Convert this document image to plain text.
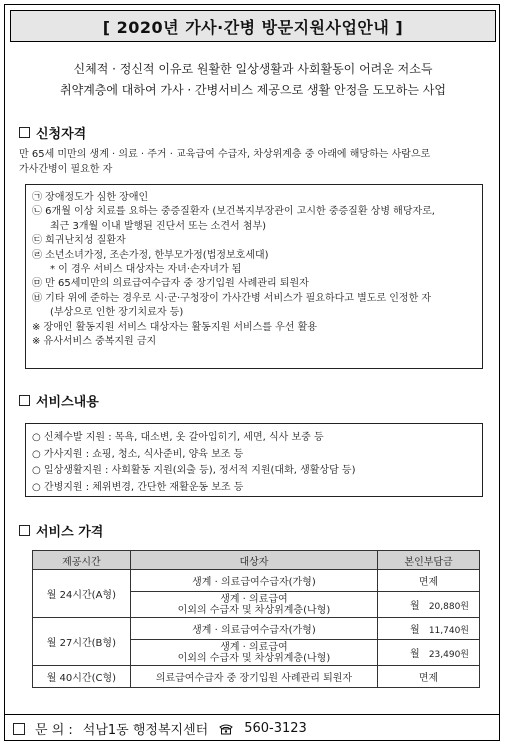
[ 2020년 가사·간병 방문지원사업안내 ]
신체적 · 정신적 이유로 원활한 일상생활과 사회활동이 어려운 저소득
취약계층에 대하여 가사 · 간병서비스 제공으로 생활 안정을 도모하는 사업
신청자격
만 65세 미만의 생계 · 의료 · 주거 · 교육급여 수급자, 차상위계층 중 아래에 해당하는 사람으로
가사간병이 필요한 자
㉠ 장애정도가 심한 장애인
㉡ 6개월 이상 치료를 요하는 중증질환자 (보건복지부장관이 고시한 중증질환 상병 해당자로,
최근 3개월 이내 발행된 진단서 또는 소견서 첨부)
㉢ 희귀난치성 질환자
㉣ 소년소녀가정, 조손가정, 한부모가정(법정보호세대)
* 이 경우 서비스 대상자는 자녀·손자녀가 됨
㉤ 만 65세미만의 의료급여수급자 중 장기입원 사례관리 퇴원자
㉥ 기타 위에 준하는 경우로 시·군·구청장이 가사간병 서비스가 필요하다고 별도로 인정한 자
(부상으로 인한 장기치료자 등)
※ 장애인 활동지원 서비스 대상자는 활동지원 서비스를 우선 활용
※ 유사서비스 중복지원 금지
서비스내용
○ 신체수발 지원 : 목욕, 대소변, 옷 갈아입히기, 세면, 식사 보중 등
○ 가사지원 : 쇼핑, 청소, 식사준비, 양육 보조 등
○ 일상생활지원 : 사회활동 지원(외출 등), 정서적 지원(대화, 생활상담 등)
○ 간병지원 : 체위변경, 간단한 재활운동 보조 등
서비스 가격
제공시간	대상자	본인부담금
월 24시간(A형)	생계 · 의료급여수급자(가형)	면제

	생계 · 의료급여
이외의 수급자 및 차상위계층(나형)	월 20,880원
월 27시간(B형)	생계 · 의료급여수급자(가형)	월 11,740원

	생계 · 의료급여
이외의 수급자 및 차상위계층(나형)	월 23,490원
월 40시간(C형)	의료급여수급자 중 장기입원 사례관리 퇴원자	면제
문 의 : 석남1동 행정복지센터	560-3123
